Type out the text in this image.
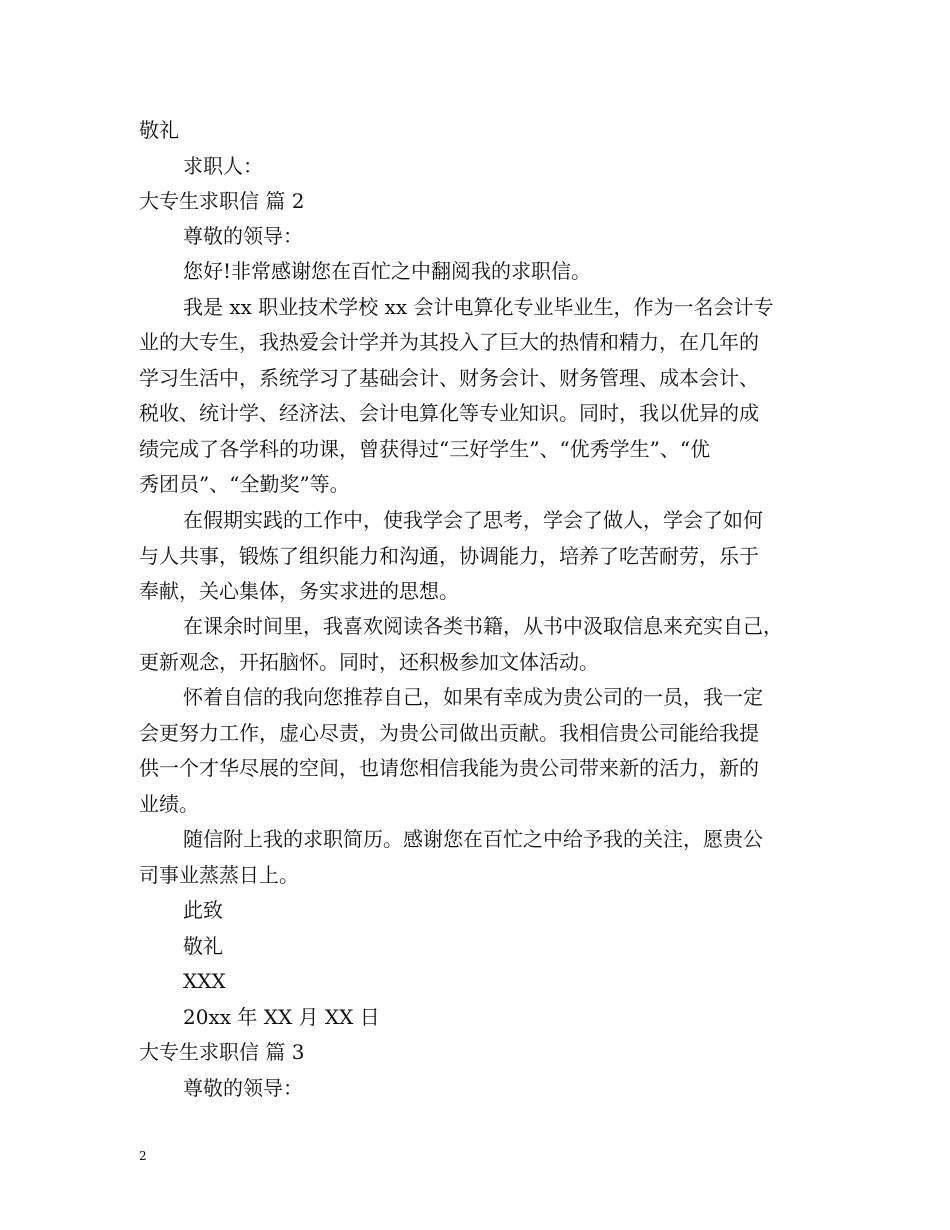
敬礼
求职人：
大专生求职信 篇 2
尊敬的领导：
您好!非常感谢您在百忙之中翻阅我的求职信。
我是 xx 职业技术学校 xx 会计电算化专业毕业生，作为一名会计专
业的大专生，我热爱会计学并为其投入了巨大的热情和精力，在几年的
学习生活中，系统学习了基础会计、财务会计、财务管理、成本会计、
税收、统计学、经济法、会计电算化等专业知识。同时，我以优异的成
绩完成了各学科的功课，曾获得过“三好学生”、“优秀学生”、“优
秀团员”、“全勤奖”等。
在假期实践的工作中，使我学会了思考，学会了做人，学会了如何
与人共事，锻炼了组织能力和沟通，协调能力，培养了吃苦耐劳，乐于
奉献，关心集体，务实求进的思想。
在课余时间里，我喜欢阅读各类书籍，从书中汲取信息来充实自己，
更新观念，开拓脑怀。同时，还积极参加文体活动。
怀着自信的我向您推荐自己，如果有幸成为贵公司的一员，我一定
会更努力工作，虚心尽责，为贵公司做出贡献。我相信贵公司能给我提
供一个才华尽展的空间，也请您相信我能为贵公司带来新的活力，新的
业绩。
随信附上我的求职简历。感谢您在百忙之中给予我的关注，愿贵公
司事业蒸蒸日上。
此致
敬礼
XXX
20xx 年 XX 月 XX 日
大专生求职信 篇 3
尊敬的领导：
2
